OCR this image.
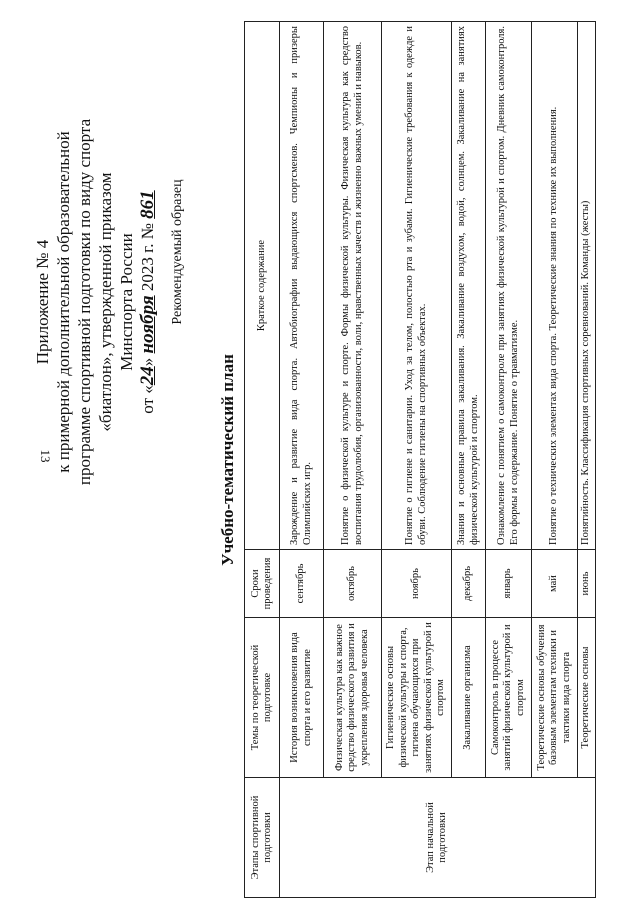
13
Приложение № 4 к примерной дополнительной образовательной программе спортивной подготовки по виду спорта «биатлон», утвержденной приказом Минспорта России
от «24» ноября 2023 г. № 861 Рекомендуемый образец
Учебно-тематический план
Этапы спортивной подготовки	Темы по теоретической подготовке	Сроки проведения	Краткое содержание
Этап начальной подготовки	История возникновения вида спорта и его развитие	сентябрь	Зарождение и развитие вида спорта. Автобиографии выдающихся спортсменов. Чемпионы и призеры Олимпийских игр.
	Физическая культура как важное средство физического развития и укрепления здоровья человека	октябрь	Понятие о физической культуре и спорте. Формы физической культуры. Физическая культура как средство воспитания трудолюбия, организованности, воли, нравственных качеств и жизненно важных умений и навыков.
	Гигиенические основы физической культуры и спорта, гигиена обучающихся при занятиях физической культурой и спортом	ноябрь	Понятие о гигиене и санитарии. Уход за телом, полостью рта и зубами. Гигиенические требования к одежде и обуви. Соблюдение гигиены на спортивных объектах.
	Закаливание организма	декабрь	Знания и основные правила закаливания. Закаливание воздухом, водой, солнцем. Закаливание на занятиях физической культурой и спортом.
	Самоконтроль в процессе занятий физической культурой и спортом	январь	Ознакомление с понятием о самоконтроле при занятиях физической культурой и спортом. Дневник самоконтроля. Его формы и содержание. Понятие о травматизме.
	Теоретические основы обучения базовым элементам техники и тактики вида спорта	май	Понятие о технических элементах вида спорта. Теоретические знания по технике их выполнения.
	Теоретические основы	июнь	Понятийность. Классификация спортивных соревнований. Команды (жесты)
